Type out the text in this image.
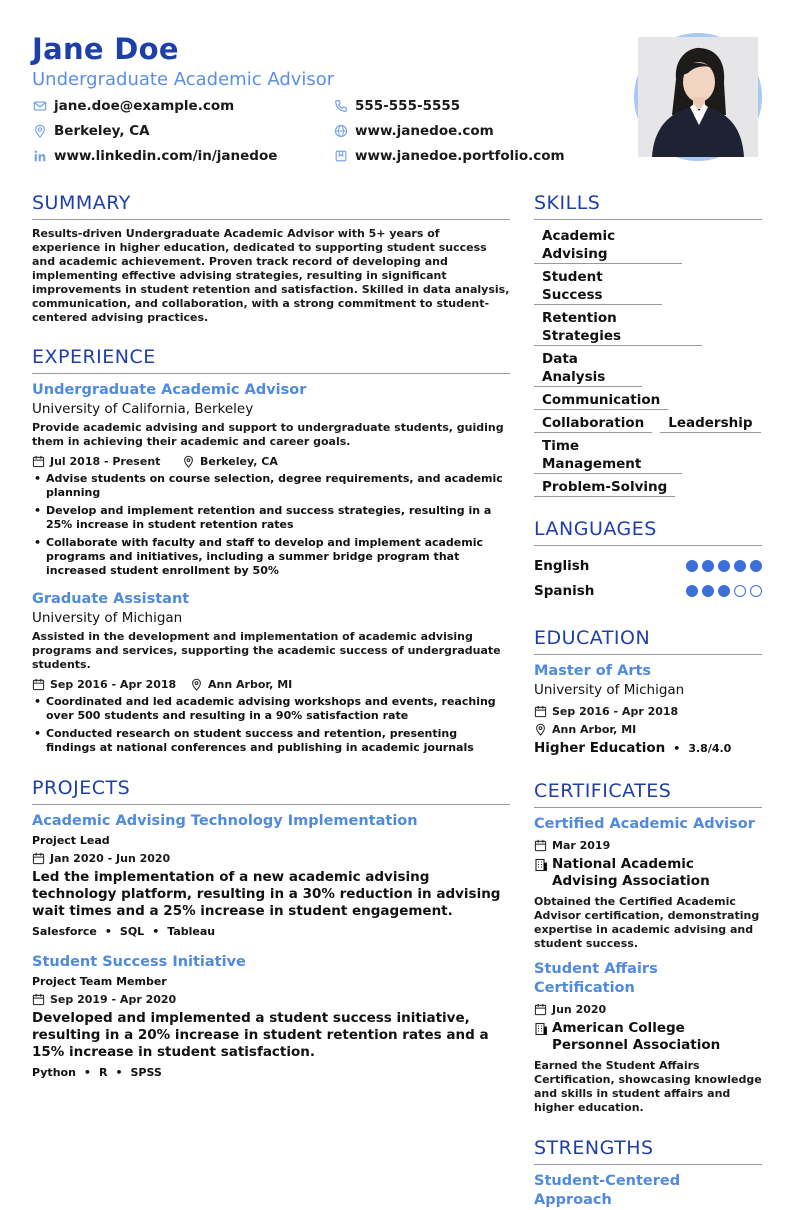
Jane Doe
Undergraduate Academic Advisor
jane.doe@example.com	555-555-5555
Berkeley, CA	www.janedoe.com
www.linkedin.com/in/janedoe	www.janedoe.portfolio.com
SUMMARY

Results-driven Undergraduate Academic Advisor with 5+ years of experience in higher education, dedicated to supporting student success and academic achievement. Proven track record of developing and implementing effective advising strategies, resulting in significant improvements in student retention and satisfaction. Skilled in data analysis, communication, and collaboration, with a strong commitment to student-centered advising practices.

EXPERIENCE
Undergraduate Academic Advisor
University of California, Berkeley

Provide academic advising and support to undergraduate students, guiding them in achieving their academic and career goals.

Jul 2018 - Present	Berkeley, CA
• Advise students on course selection, degree requirements, and academic planning
• Develop and implement retention and success strategies, resulting in a 25% increase in student retention rates
• Collaborate with faculty and staff to develop and implement academic programs and initiatives, including a summer bridge program that increased student enrollment by 50%
Graduate Assistant
University of Michigan

Assisted in the development and implementation of academic advising programs and services, supporting the academic success of undergraduate students.

Sep 2016 - Apr 2018	Ann Arbor, MI
• Coordinated and led academic advising workshops and events, reaching over 500 students and resulting in a 90% satisfaction rate
• Conducted research on student success and retention, presenting findings at national conferences and publishing in academic journals
PROJECTS
Academic Advising Technology Implementation
Project Lead
Jan 2020 - Jun 2020

Led the implementation of a new academic advising technology platform, resulting in a 30% reduction in advising wait times and a 25% increase in student engagement.

Salesforce • SQL • Tableau
Student Success Initiative
Project Team Member
Sep 2019 - Apr 2020

Developed and implemented a student success initiative, resulting in a 20% increase in student retention rates and a 15% increase in student satisfaction.

Python • R • SPSS
SKILLS
Academic Advising
Student Success
Retention Strategies
Data Analysis
Communication
Collaboration	Leadership
Time Management
Problem-Solving
LANGUAGES
English
Spanish
EDUCATION
Master of Arts
University of Michigan
Sep 2016 - Apr 2018
Ann Arbor, MI
Higher Education • 3.8/4.0
CERTIFICATES
Certified Academic Advisor
Mar 2019
National Academic Advising Association

Obtained the Certified Academic Advisor certification, demonstrating expertise in academic advising and student success.

Student Affairs Certification
Jun 2020
American College Personnel Association

Earned the Student Affairs Certification, showcasing knowledge and skills in student affairs and higher education.

STRENGTHS
Student-Centered Approach
